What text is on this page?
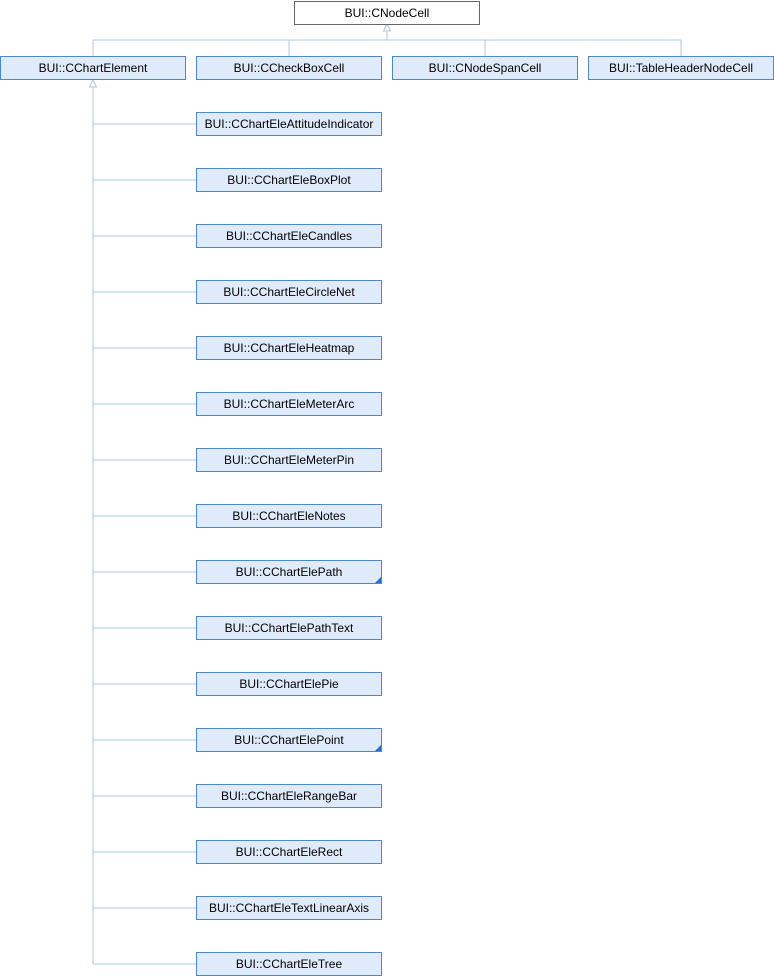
BUI::CNodeCell
BUI::CChartElement	BUI::CCheckBoxCell	BUI::CNodeSpanCell	BUI::TableHeaderNodeCell
BUI::CChartEleAttitudeIndicator
BUI::CChartEleBoxPlot
BUI::CChartEleCandles
BUI::CChartEleCircleNet
BUI::CChartEleHeatmap
BUI::CChartEleMeterArc
BUI::CChartEleMeterPin
BUI::CChartEleNotes
BUI::CChartElePath
BUI::CChartElePathText
BUI::CChartElePie
BUI::CChartElePoint
BUI::CChartEleRangeBar
BUI::CChartEleRect
BUI::CChartEleTextLinearAxis
BUI::CChartEleTree
